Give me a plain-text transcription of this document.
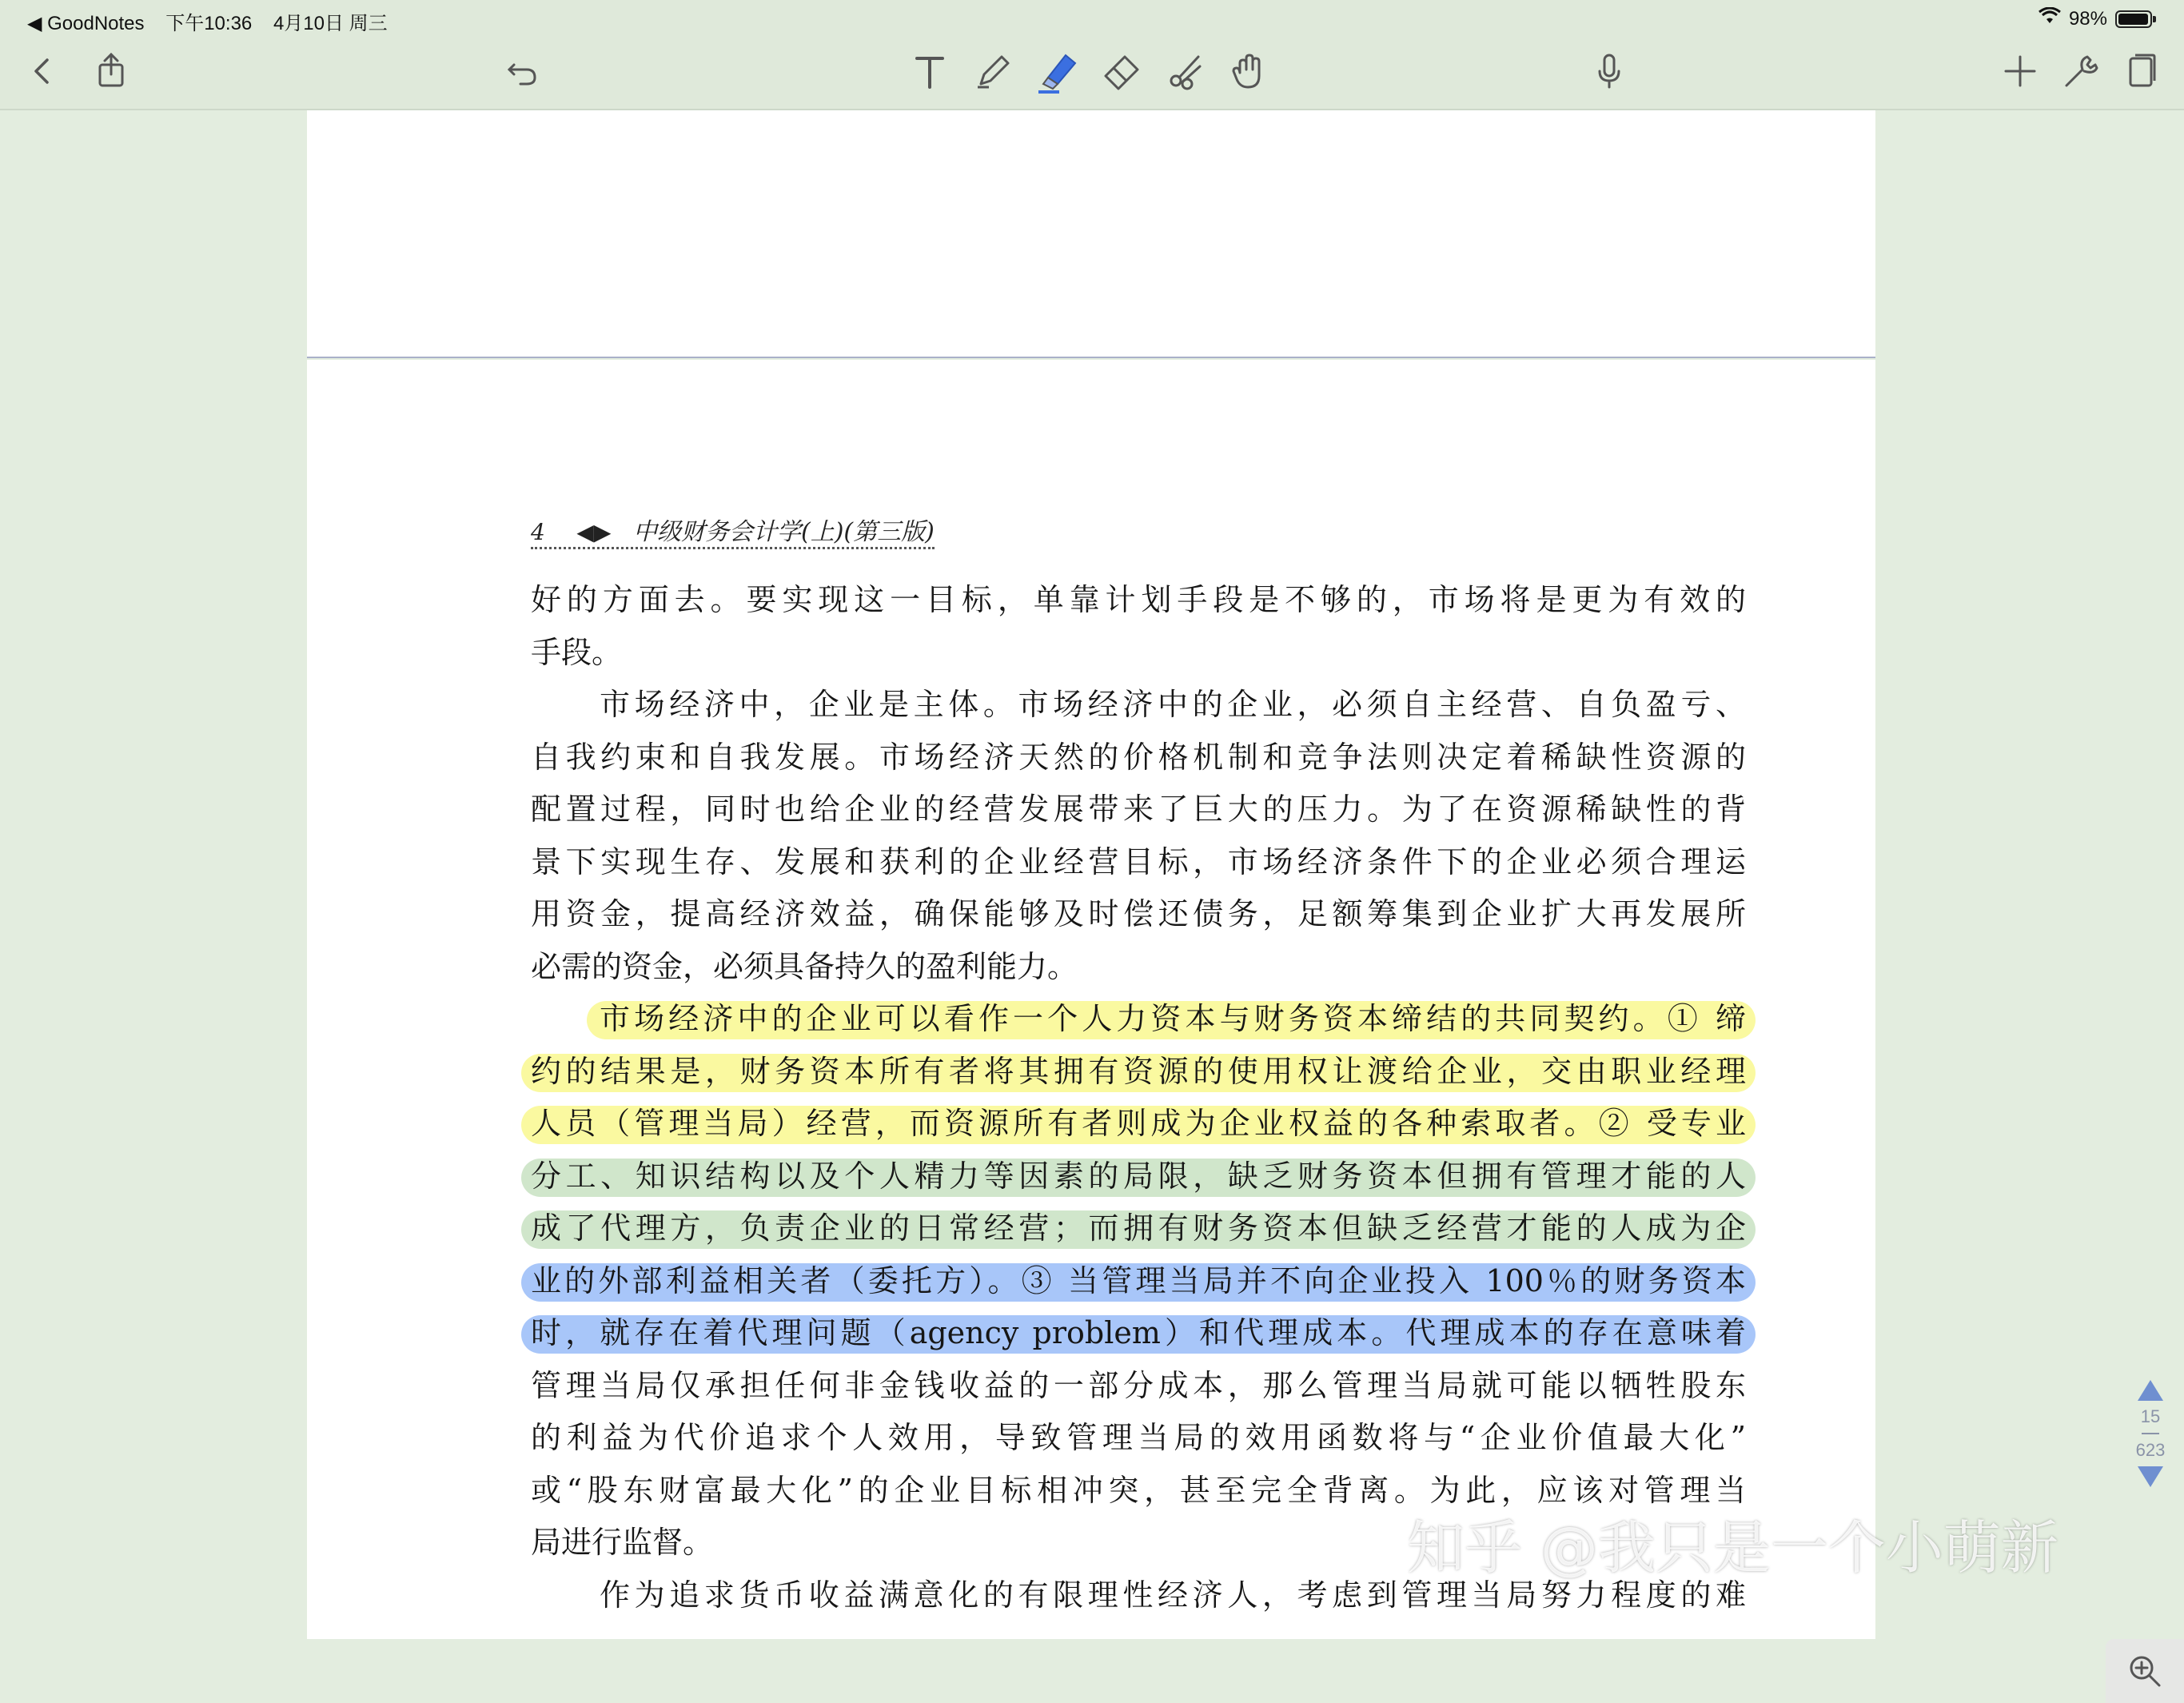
◀ GoodNotes 下午10:36 4月10日 周三	98%
4 ◀▶ 中级财务会计学(上)(第三版)
好的方面去。要实现这一目标，单靠计划手段是不够的，市场将是更为有效的
手段。
市场经济中，企业是主体。市场经济中的企业，必须自主经营、自负盈亏、
自我约束和自我发展。市场经济天然的价格机制和竞争法则决定着稀缺性资源的
配置过程，同时也给企业的经营发展带来了巨大的压力。为了在资源稀缺性的背
景下实现生存、发展和获利的企业经营目标，市场经济条件下的企业必须合理运
用资金，提高经济效益，确保能够及时偿还债务，足额筹集到企业扩大再发展所
必需的资金，必须具备持久的盈利能力。
市场经济中的企业可以看作一个人力资本与财务资本缔结的共同契约。① 缔
约的结果是，财务资本所有者将其拥有资源的使用权让渡给企业，交由职业经理
人员（管理当局）经营，而资源所有者则成为企业权益的各种索取者。② 受专业
分工、知识结构以及个人精力等因素的局限，缺乏财务资本但拥有管理才能的人
成了代理方，负责企业的日常经营；而拥有财务资本但缺乏经营才能的人成为企
业的外部利益相关者（委托方）。③ 当管理当局并不向企业投入 100％的财务资本
时，就存在着代理问题（agency problem）和代理成本。代理成本的存在意味着
管理当局仅承担任何非金钱收益的一部分成本，那么管理当局就可能以牺牲股东
的利益为代价追求个人效用，导致管理当局的效用函数将与“企业价值最大化”
或“股东财富最大化”的企业目标相冲突，甚至完全背离。为此，应该对管理当
局进行监督。
作为追求货币收益满意化的有限理性经济人，考虑到管理当局努力程度的难
15
623
知乎 @我只是一个小萌新
